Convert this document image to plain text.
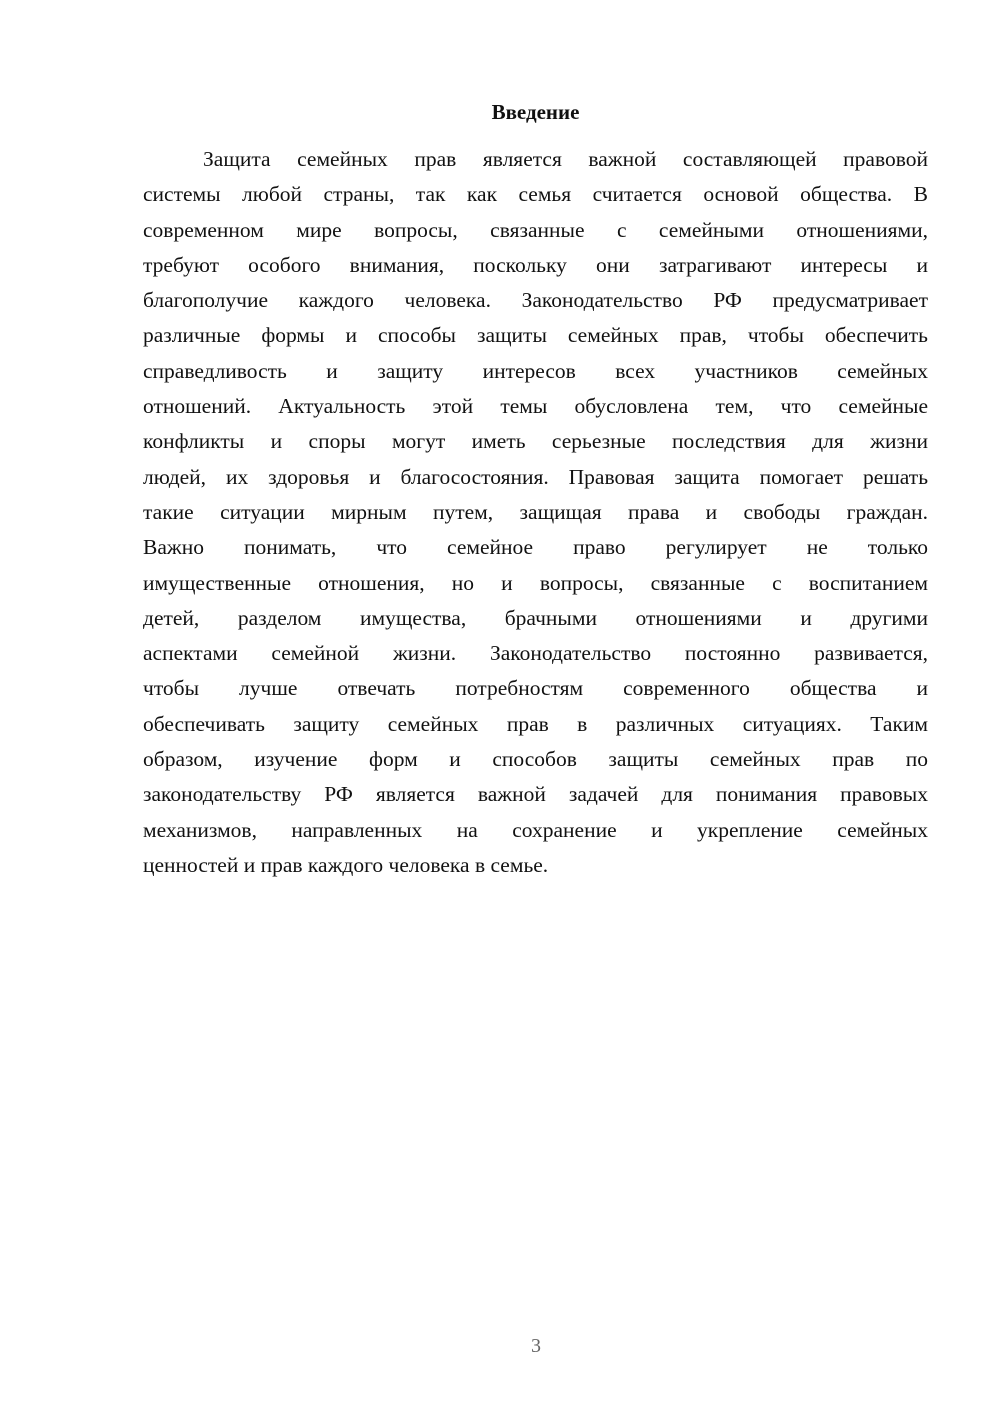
Введение
Защита семейных прав является важной составляющей правовой
системы любой страны, так как семья считается основой общества. В
современном мире вопросы, связанные с семейными отношениями,
требуют особого внимания, поскольку они затрагивают интересы и
благополучие каждого человека. Законодательство РФ предусматривает
различные формы и способы защиты семейных прав, чтобы обеспечить
справедливость и защиту интересов всех участников семейных
отношений. Актуальность этой темы обусловлена тем, что семейные
конфликты и споры могут иметь серьезные последствия для жизни
людей, их здоровья и благосостояния. Правовая защита помогает решать
такие ситуации мирным путем, защищая права и свободы граждан.
Важно понимать, что семейное право регулирует не только
имущественные отношения, но и вопросы, связанные с воспитанием
детей, разделом имущества, брачными отношениями и другими
аспектами семейной жизни. Законодательство постоянно развивается,
чтобы лучше отвечать потребностям современного общества и
обеспечивать защиту семейных прав в различных ситуациях. Таким
образом, изучение форм и способов защиты семейных прав по
законодательству РФ является важной задачей для понимания правовых
механизмов, направленных на сохранение и укрепление семейных
ценностей и прав каждого человека в семье.
3
